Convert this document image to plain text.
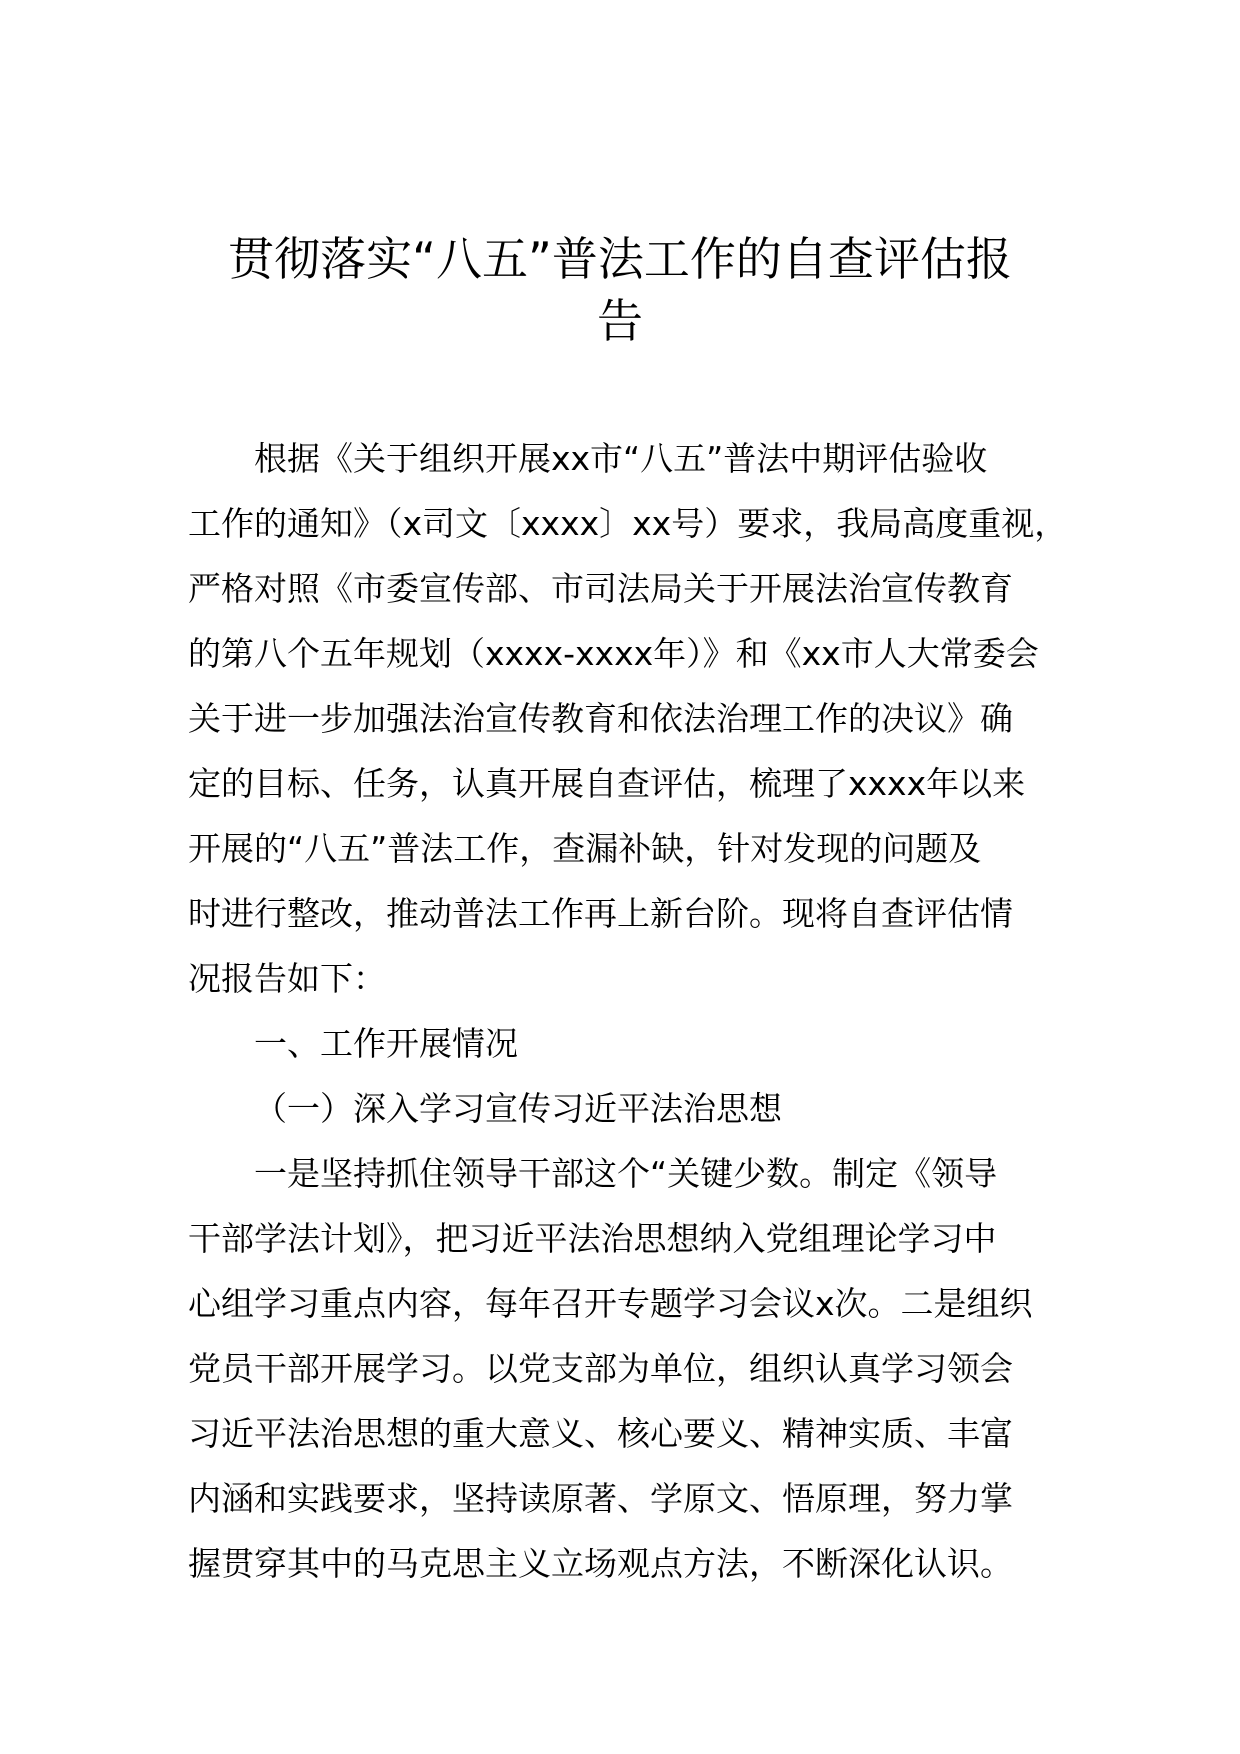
贯彻落实“八五”普法工作的自查评估报
告
根据《关于组织开展xx市“八五”普法中期评估验收
工作的通知》（x司文〔xxxx〕xx号）要求，我局高度重视，
严格对照《市委宣传部、市司法局关于开展法治宣传教育
的第八个五年规划（xxxx-xxxx年）》和《xx市人大常委会
关于进一步加强法治宣传教育和依法治理工作的决议》确
定的目标、任务，认真开展自查评估，梳理了xxxx年以来
开展的“八五”普法工作，查漏补缺，针对发现的问题及
时进行整改，推动普法工作再上新台阶。现将自查评估情
况报告如下：
一、工作开展情况
（一）深入学习宣传习近平法治思想
一是坚持抓住领导干部这个“关键少数。制定《领导
干部学法计划》，把习近平法治思想纳入党组理论学习中
心组学习重点内容，每年召开专题学习会议x次。二是组织
党员干部开展学习。以党支部为单位，组织认真学习领会
习近平法治思想的重大意义、核心要义、精神实质、丰富
内涵和实践要求，坚持读原著、学原文、悟原理，努力掌
握贯穿其中的马克思主义立场观点方法，不断深化认识。
